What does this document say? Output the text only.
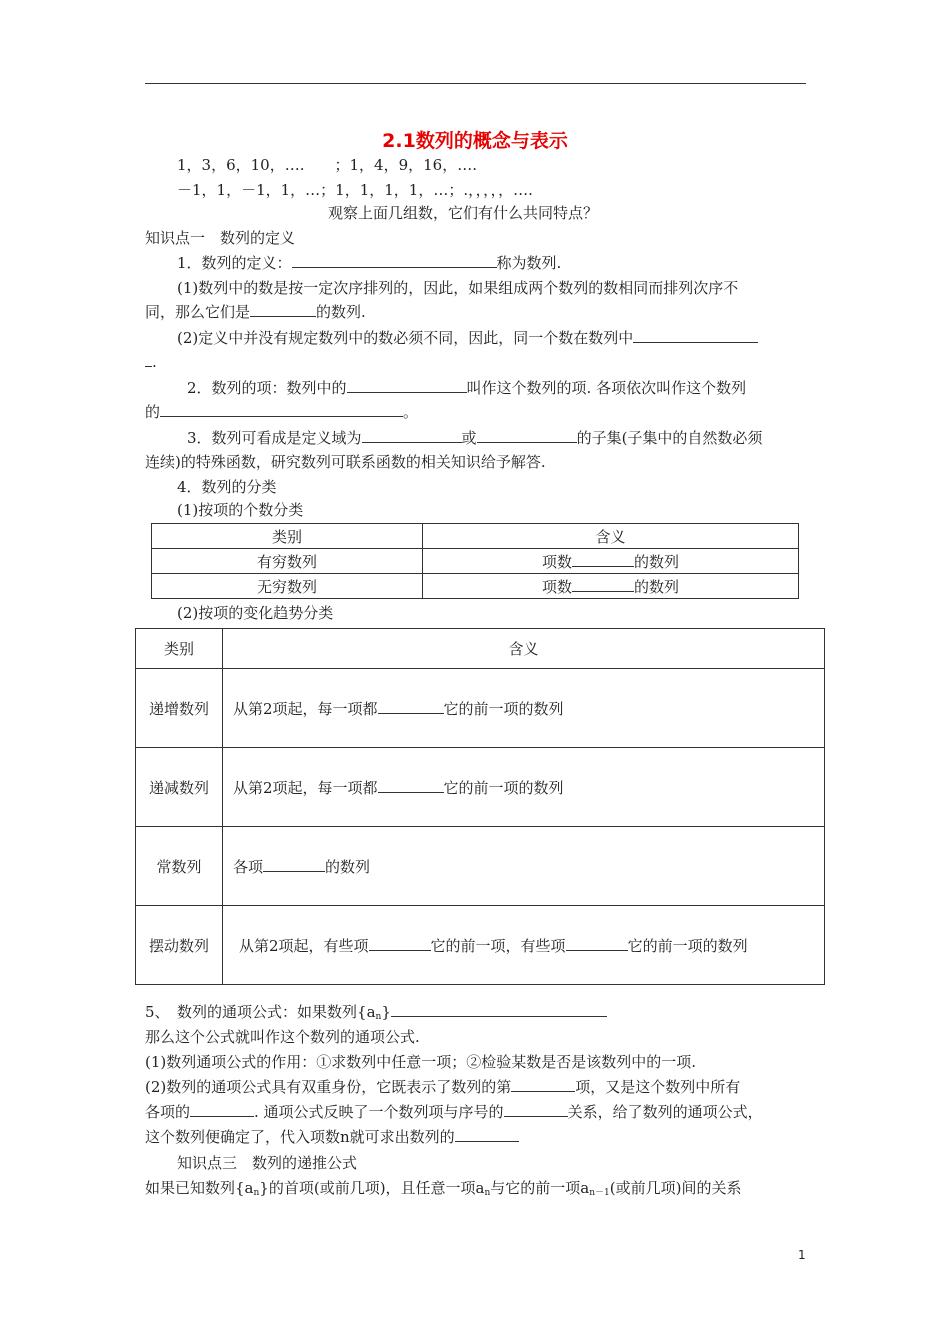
2.1数列的概念与表示
1，3，6，10，….　　；1，4，9，16，….
－1，1，－1，1，…；1，1，1，1，…；.，，，，，….
观察上面几组数，它们有什么共同特点？
知识点一　数列的定义
1．数列的定义：	称为数列.
(1)数列中的数是按一定次序排列的，因此，如果组成两个数列的数相同而排列次序不
同，那么它们是	的数列.
(2)定义中并没有规定数列中的数必须不同，因此，同一个数在数列中
.
2．数列的项：数列中的	叫作这个数列的项. 各项依次叫作这个数列
的	。
3．数列可看成是定义域为	或	的子集(子集中的自然数必须
连续)的特殊函数，研究数列可联系函数的相关知识给予解答.
4．数列的分类
(1)按项的个数分类
类别	含义
有穷数列	项数 的数列
无穷数列	项数 的数列
(2)按项的变化趋势分类
类别	含义
递增数列	从第2项起，每一项都 它的前一项的数列
递减数列	从第2项起，每一项都 它的前一项的数列
常数列	各项 的数列
摆动数列	从第2项起，有些项 它的前一项，有些项 它的前一项的数列
5、　数列的通项公式：如果数列$\{a_n\}$
那么这个公式就叫作这个数列的通项公式.
(1)数列通项公式的作用：①求数列中任意一项；②检验某数是否是该数列中的一项.
(2)数列的通项公式具有双重身份，它既表示了数列的第	项，又是这个数列中所有
各项的	. 通项公式反映了一个数列项与序号的	关系，给了数列的通项公式，
这个数列便确定了，代入项数n就可求出数列的
知识点三　数列的递推公式
如果已知数列$\{a_n\}$的首项(或前几项)，且任意一项$a_n$与它的前一项$a_{n-1}$(或前几项)间的关系
1
